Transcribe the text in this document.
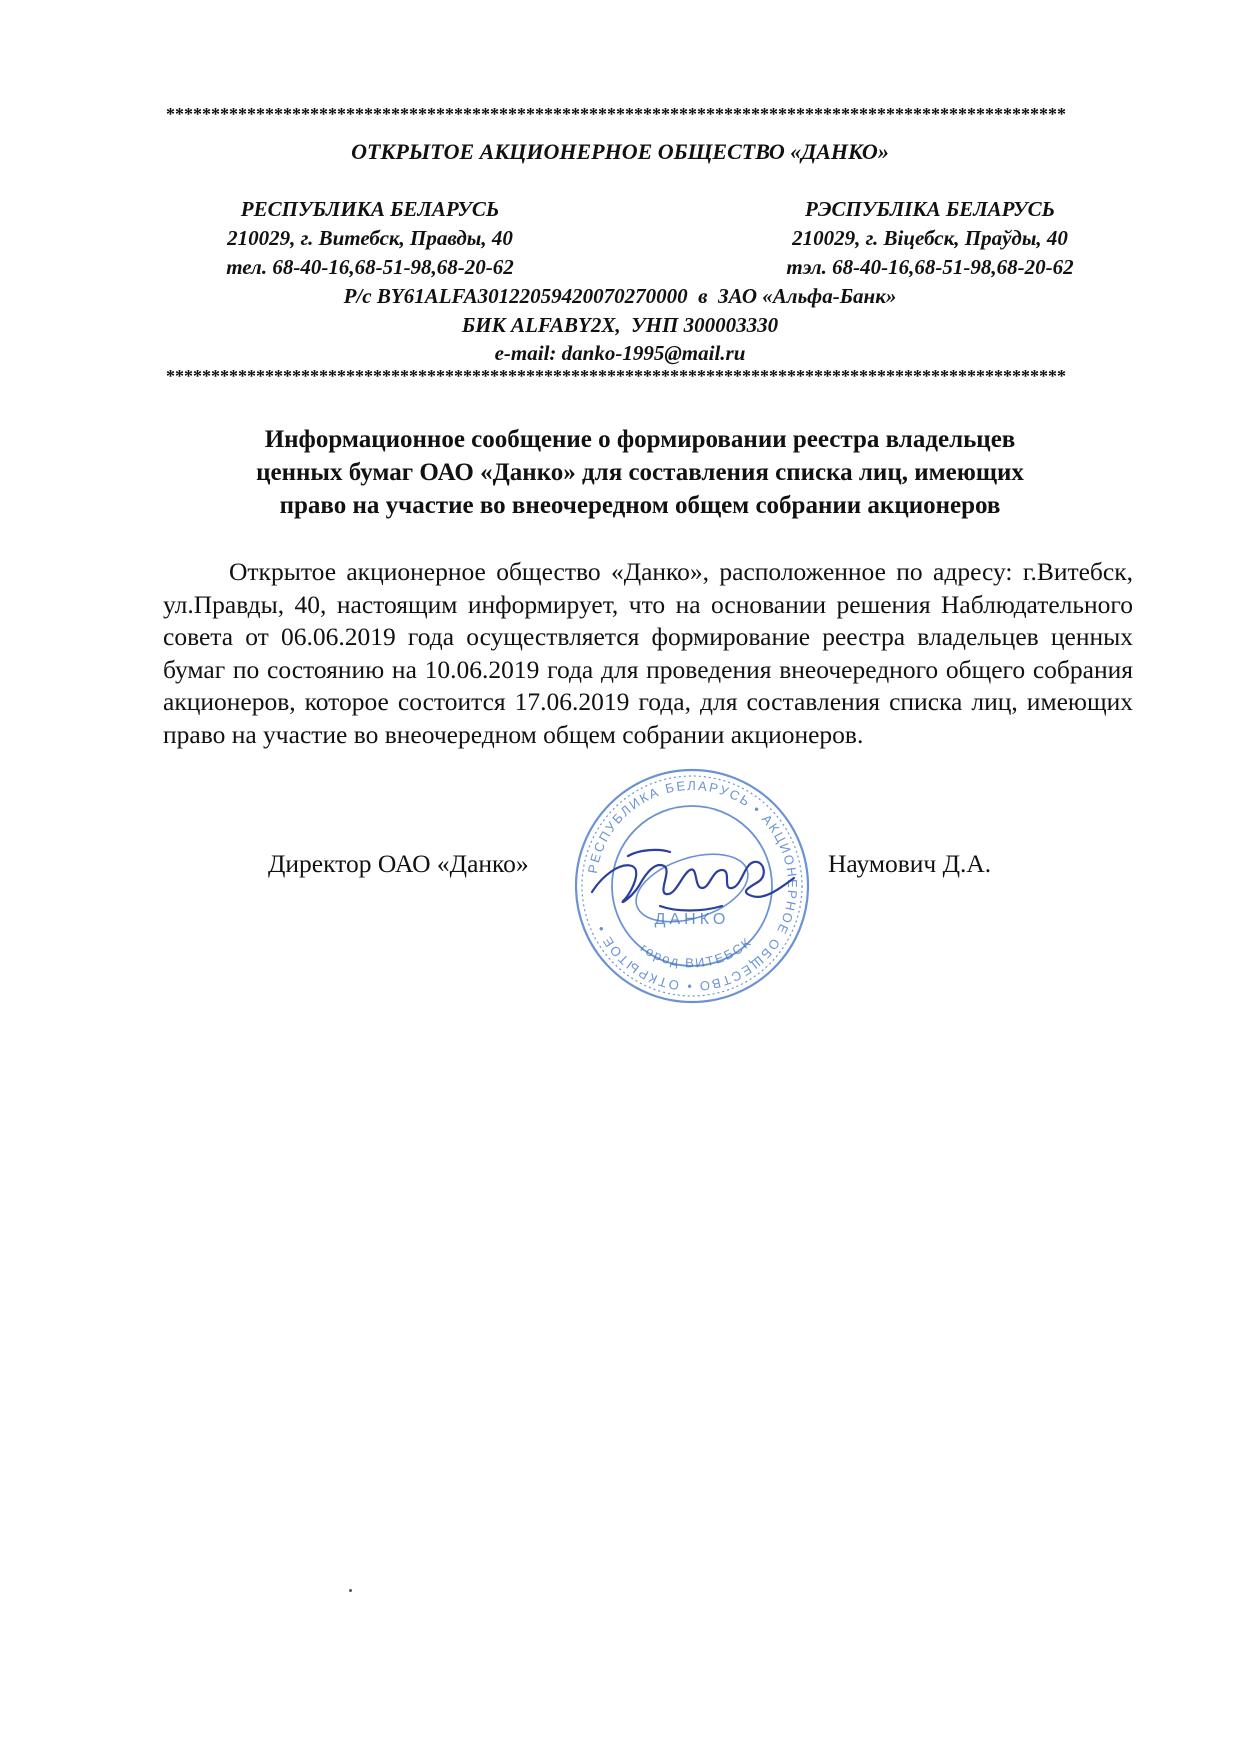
****************************************************************************************************
ОТКРЫТОЕ АКЦИОНЕРНОЕ ОБЩЕСТВО «ДАНКО»
РЕСПУБЛИКА БЕЛАРУСЬ	РЭСПУБЛІКА БЕЛАРУСЬ
210029, г. Витебск, Правды, 40	210029, г. Віцебск, Праўды, 40
тел. 68-40-16,68-51-98,68-20-62	тэл. 68-40-16,68-51-98,68-20-62
Р/с BY61ALFA30122059420070270000  в  ЗАО «Альфа-Банк»
БИК ALFABY2X,  УНП 300003330
e-mail: danko-1995@mail.ru
****************************************************************************************************
Информационное сообщение о формировании реестра владельцев
ценных бумаг ОАО «Данко» для составления списка лиц, имеющих
право на участие во внеочередном общем собрании акционеров
Открытое акционерное общество «Данко», расположенное по адресу: г.Витебск, ул.Правды, 40, настоящим информирует, что на основании решения Наблюдательного совета от 06.06.2019 года осуществляется формирование реестра владельцев ценных бумаг по состоянию на 10.06.2019 года для проведения внеочередного общего собрания акционеров, которое состоится 17.06.2019 года, для составления списка лиц, имеющих право на участие во внеочередном общем собрании акционеров.
Директор ОАО «Данко»	Наумович Д.А.
РЕСПУБЛИКА БЕЛАРУСЬ • АКЦИОНЕРНОЕ ОБЩЕСТВО • ОТКРЫТОЕ •
город ВИТЕБСК
ДАНКО
